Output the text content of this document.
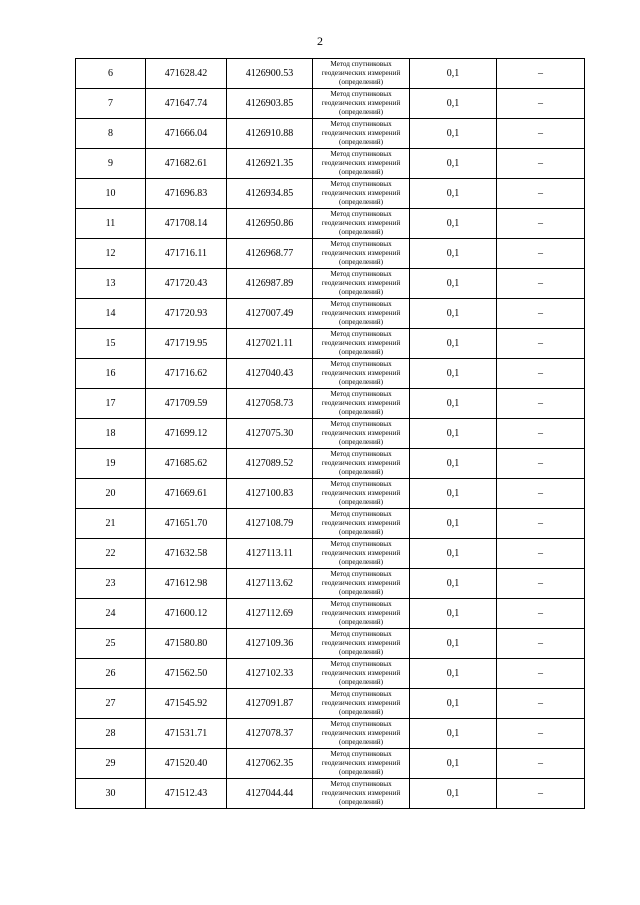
2
6	471628.42	4126900.53	Метод спутниковых
геодезических измерений
(определений)	0,1	–
7	471647.74	4126903.85	Метод спутниковых
геодезических измерений
(определений)	0,1	–
8	471666.04	4126910.88	Метод спутниковых
геодезических измерений
(определений)	0,1	–
9	471682.61	4126921.35	Метод спутниковых
геодезических измерений
(определений)	0,1	–
10	471696.83	4126934.85	Метод спутниковых
геодезических измерений
(определений)	0,1	–
11	471708.14	4126950.86	Метод спутниковых
геодезических измерений
(определений)	0,1	–
12	471716.11	4126968.77	Метод спутниковых
геодезических измерений
(определений)	0,1	–
13	471720.43	4126987.89	Метод спутниковых
геодезических измерений
(определений)	0,1	–
14	471720.93	4127007.49	Метод спутниковых
геодезических измерений
(определений)	0,1	–
15	471719.95	4127021.11	Метод спутниковых
геодезических измерений
(определений)	0,1	–
16	471716.62	4127040.43	Метод спутниковых
геодезических измерений
(определений)	0,1	–
17	471709.59	4127058.73	Метод спутниковых
геодезических измерений
(определений)	0,1	–
18	471699.12	4127075.30	Метод спутниковых
геодезических измерений
(определений)	0,1	–
19	471685.62	4127089.52	Метод спутниковых
геодезических измерений
(определений)	0,1	–
20	471669.61	4127100.83	Метод спутниковых
геодезических измерений
(определений)	0,1	–
21	471651.70	4127108.79	Метод спутниковых
геодезических измерений
(определений)	0,1	–
22	471632.58	4127113.11	Метод спутниковых
геодезических измерений
(определений)	0,1	–
23	471612.98	4127113.62	Метод спутниковых
геодезических измерений
(определений)	0,1	–
24	471600.12	4127112.69	Метод спутниковых
геодезических измерений
(определений)	0,1	–
25	471580.80	4127109.36	Метод спутниковых
геодезических измерений
(определений)	0,1	–
26	471562.50	4127102.33	Метод спутниковых
геодезических измерений
(определений)	0,1	–
27	471545.92	4127091.87	Метод спутниковых
геодезических измерений
(определений)	0,1	–
28	471531.71	4127078.37	Метод спутниковых
геодезических измерений
(определений)	0,1	–
29	471520.40	4127062.35	Метод спутниковых
геодезических измерений
(определений)	0,1	–
30	471512.43	4127044.44	Метод спутниковых
геодезических измерений
(определений)	0,1	–
